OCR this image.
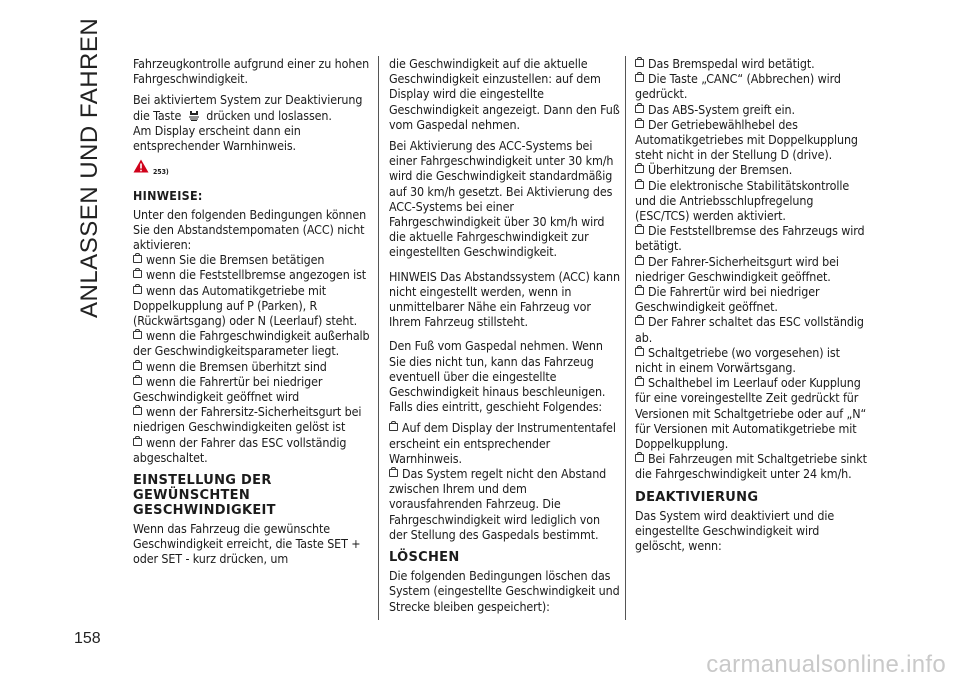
ANLASSEN UND FAHREN
158

Fahrzeugkontrolle aufgrund einer zu hohen Fahrgeschwindigkeit.

Bei aktiviertem System zur Deaktivierung die Taste drücken und loslassen.

Am Display erscheint dann ein entsprechender Warnhinweis.

253)
HINWEISE:

Unter den folgenden Bedingungen können Sie den Abstandstempomaten (ACC) nicht aktivieren:

wenn Sie die Bremsen betätigen
wenn die Feststellbremse angezogen ist
wenn das Automatikgetriebe mit Doppelkupplung auf P (Parken), R (Rückwärtsgang) oder N (Leerlauf) steht.
wenn die Fahrgeschwindigkeit außerhalb der Geschwindigkeitsparameter liegt.
wenn die Bremsen überhitzt sind
wenn die Fahrertür bei niedriger Geschwindigkeit geöffnet wird
wenn der Fahrersitz-Sicherheitsgurt bei niedrigen Geschwindigkeiten gelöst ist
wenn der Fahrer das ESC vollständig abgeschaltet.
EINSTELLUNG DER GEWÜNSCHTEN GESCHWINDIGKEIT

Wenn das Fahrzeug die gewünschte Geschwindigkeit erreicht, die Taste SET + oder SET - kurz drücken, um

die Geschwindigkeit auf die aktuelle Geschwindigkeit einzustellen: auf dem Display wird die eingestellte Geschwindigkeit angezeigt. Dann den Fuß vom Gaspedal nehmen.

Bei Aktivierung des ACC-Systems bei einer Fahrgeschwindigkeit unter 30 km/h wird die Geschwindigkeit standardmäßig auf 30 km/h gesetzt. Bei Aktivierung des ACC-Systems bei einer Fahrgeschwindigkeit über 30 km/h wird die aktuelle Fahrgeschwindigkeit zur eingestellten Geschwindigkeit.

HINWEIS Das Abstandssystem (ACC) kann nicht eingestellt werden, wenn in unmittelbarer Nähe ein Fahrzeug vor Ihrem Fahrzeug stillsteht.

Den Fuß vom Gaspedal nehmen. Wenn Sie dies nicht tun, kann das Fahrzeug eventuell über die eingestellte Geschwindigkeit hinaus beschleunigen. Falls dies eintritt, geschieht Folgendes:

Auf dem Display der Instrumententafel erscheint ein entsprechender Warnhinweis.
Das System regelt nicht den Abstand zwischen Ihrem und dem vorausfahrenden Fahrzeug. Die Fahrgeschwindigkeit wird lediglich von der Stellung des Gaspedals bestimmt.
LÖSCHEN

Die folgenden Bedingungen löschen das System (eingestellte Geschwindigkeit und Strecke bleiben gespeichert):

Das Bremspedal wird betätigt.
Die Taste „CANC“ (Abbrechen) wird gedrückt.
Das ABS-System greift ein.
Der Getriebewählhebel des Automatikgetriebes mit Doppelkupplung steht nicht in der Stellung D (drive).
Überhitzung der Bremsen.
Die elektronische Stabilitätskontrolle und die Antriebsschlupfregelung (ESC/TCS) werden aktiviert.
Die Feststellbremse des Fahrzeugs wird betätigt.
Der Fahrer-Sicherheitsgurt wird bei niedriger Geschwindigkeit geöffnet.
Die Fahrertür wird bei niedriger Geschwindigkeit geöffnet.
Der Fahrer schaltet das ESC vollständig ab.
Schaltgetriebe (wo vorgesehen) ist nicht in einem Vorwärtsgang.
Schalthebel im Leerlauf oder Kupplung für eine voreingestellte Zeit gedrückt für Versionen mit Schaltgetriebe oder auf „N“ für Versionen mit Automatikgetriebe mit Doppelkupplung.
Bei Fahrzeugen mit Schaltgetriebe sinkt die Fahrgeschwindigkeit unter 24 km/h.
DEAKTIVIERUNG

Das System wird deaktiviert und die eingestellte Geschwindigkeit wird gelöscht, wenn:

carmanualsonline.info
